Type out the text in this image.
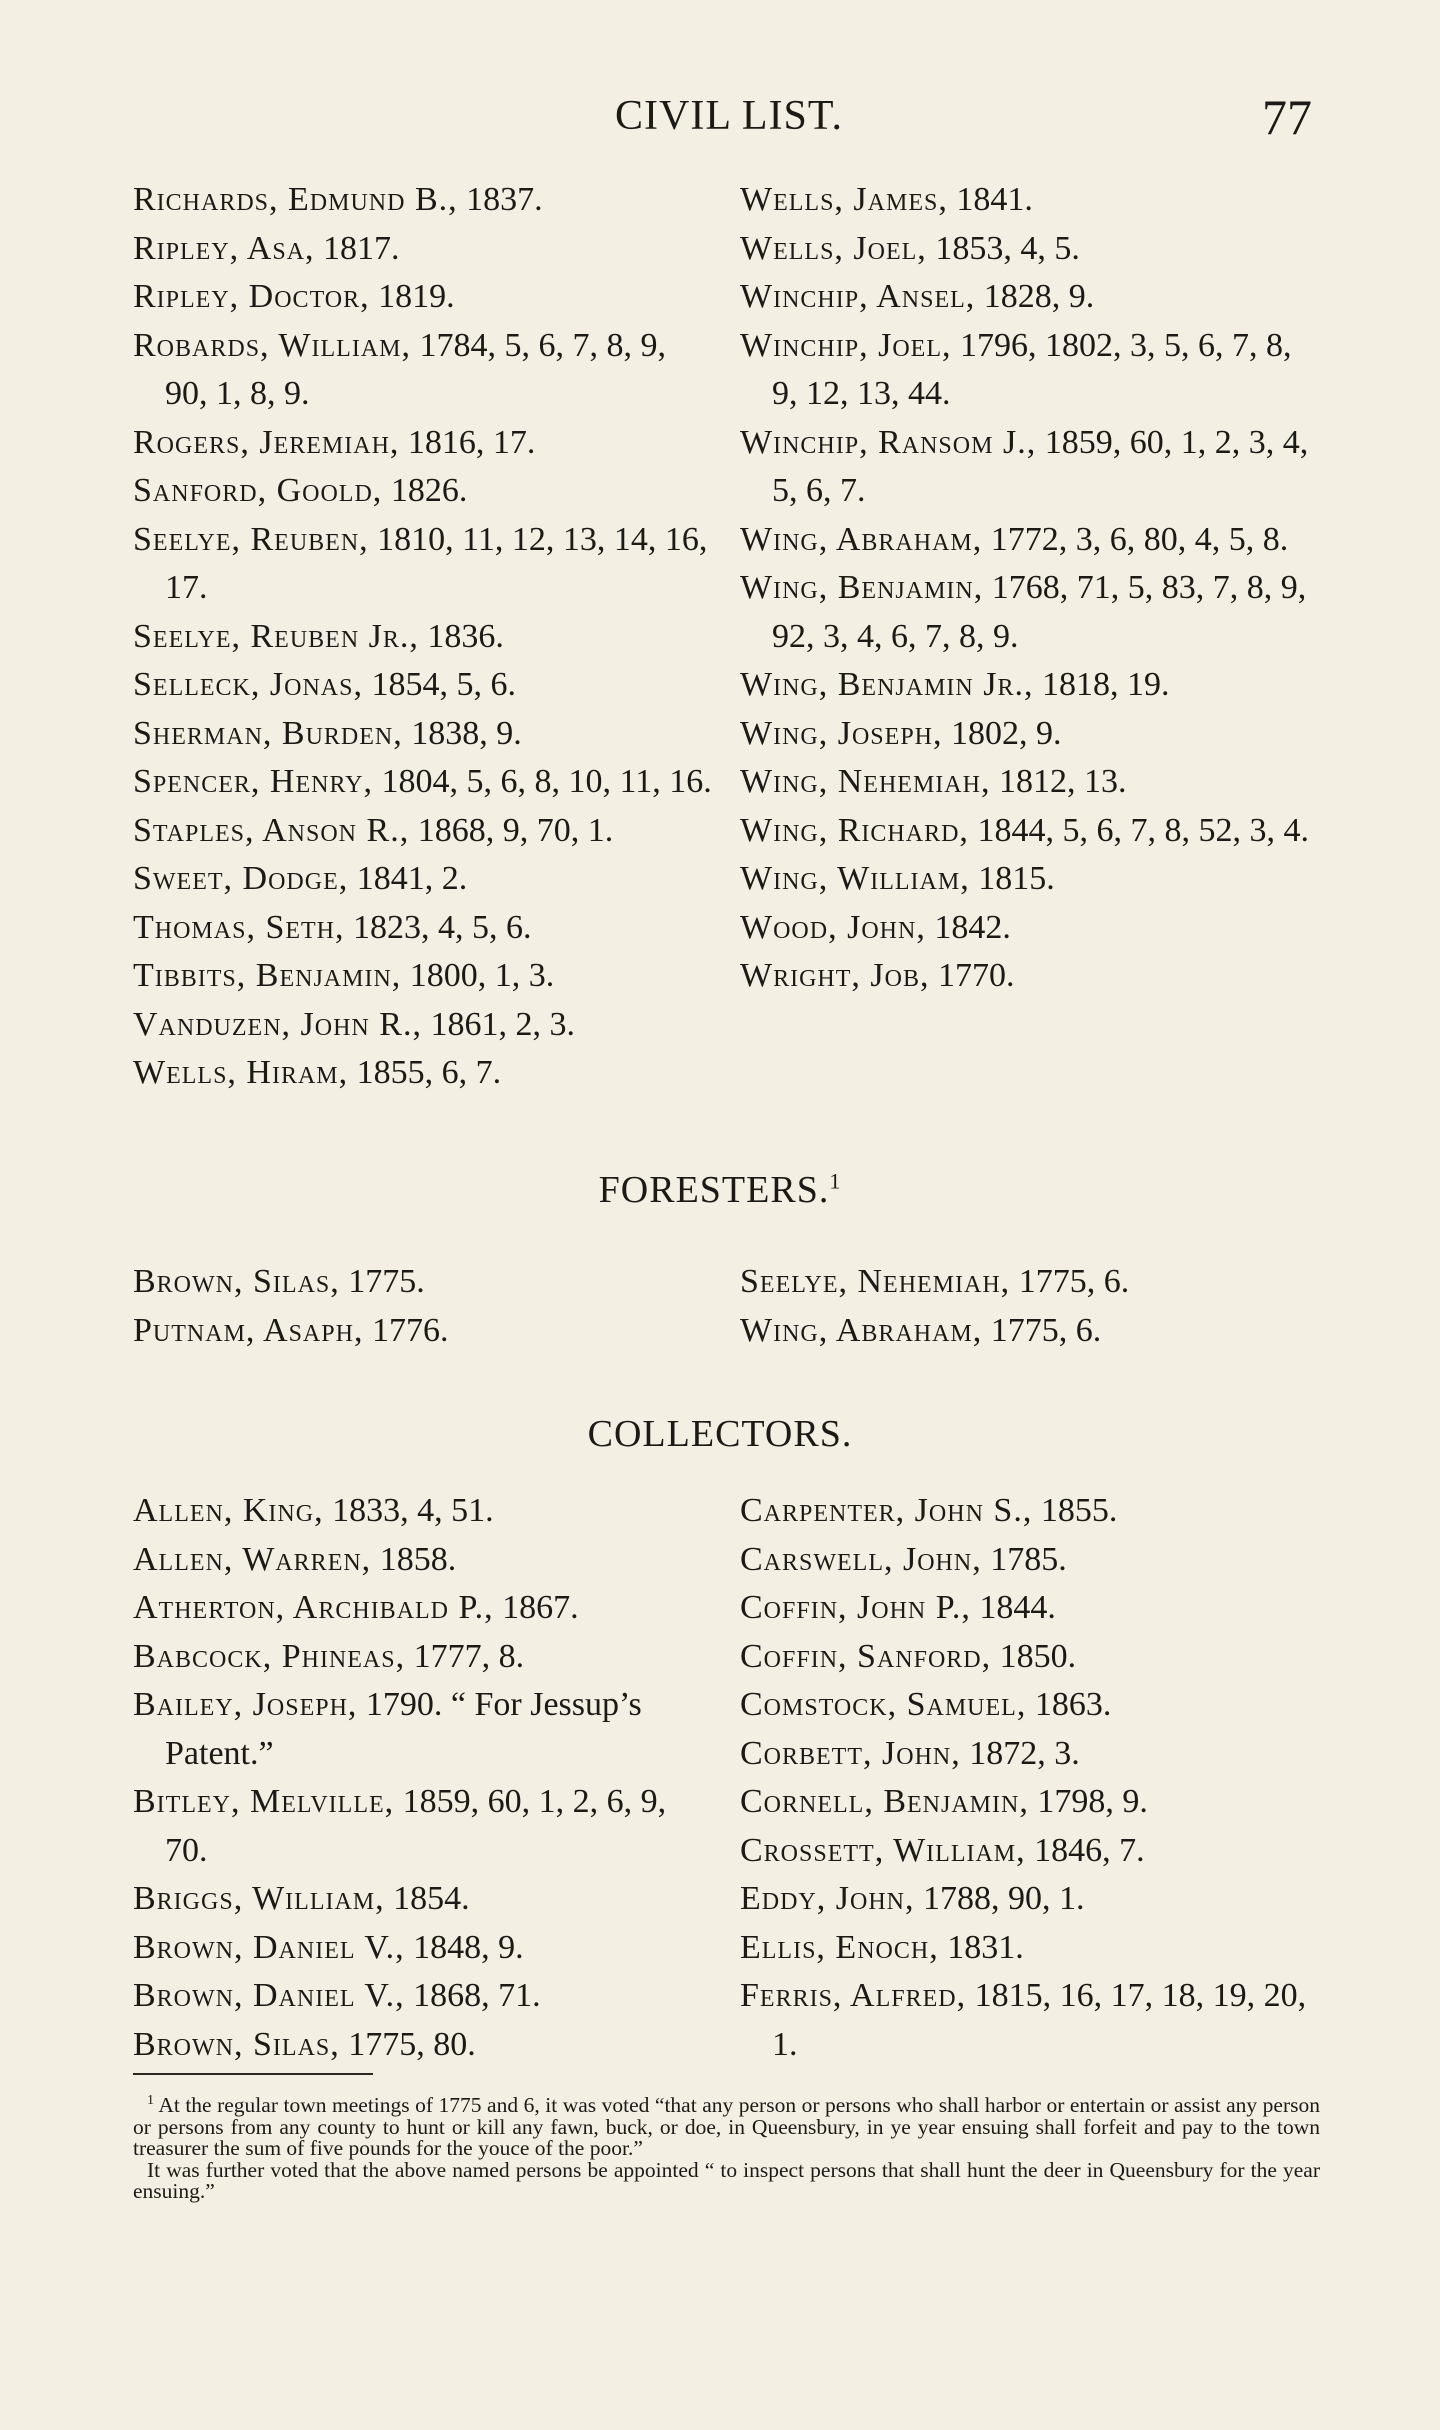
CIVIL LIST.	77

Richards, Edmund B., 1837.

Ripley, Asa, 1817.

Ripley, Doctor, 1819.

Robards, William, 1784, 5, 6, 7, 8, 9, 90, 1, 8, 9.

Rogers, Jeremiah, 1816, 17.

Sanford, Goold, 1826.

Seelye, Reuben, 1810, 11, 12, 13, 14, 16, 17.

Seelye, Reuben Jr., 1836.

Selleck, Jonas, 1854, 5, 6.

Sherman, Burden, 1838, 9.

Spencer, Henry, 1804, 5, 6, 8, 10, 11, 16.

Staples, Anson R., 1868, 9, 70, 1.

Sweet, Dodge, 1841, 2.

Thomas, Seth, 1823, 4, 5, 6.

Tibbits, Benjamin, 1800, 1, 3.

Vanduzen, John R., 1861, 2, 3.

Wells, Hiram, 1855, 6, 7.

Wells, James, 1841.

Wells, Joel, 1853, 4, 5.

Winchip, Ansel, 1828, 9.

Winchip, Joel, 1796, 1802, 3, 5, 6, 7, 8, 9, 12, 13, 44.

Winchip, Ransom J., 1859, 60, 1, 2, 3, 4, 5, 6, 7.

Wing, Abraham, 1772, 3, 6, 80, 4, 5, 8.

Wing, Benjamin, 1768, 71, 5, 83, 7, 8, 9, 92, 3, 4, 6, 7, 8, 9.

Wing, Benjamin Jr., 1818, 19.

Wing, Joseph, 1802, 9.

Wing, Nehemiah, 1812, 13.

Wing, Richard, 1844, 5, 6, 7, 8, 52, 3, 4.

Wing, William, 1815.

Wood, John, 1842.

Wright, Job, 1770.

FORESTERS.$^1$

Brown, Silas, 1775.

Putnam, Asaph, 1776.

Seelye, Nehemiah, 1775, 6.

Wing, Abraham, 1775, 6.

COLLECTORS.

Allen, King, 1833, 4, 51.

Allen, Warren, 1858.

Atherton, Archibald P., 1867.

Babcock, Phineas, 1777, 8.

Bailey, Joseph, 1790. “ For Jessup’s Patent.”

Bitley, Melville, 1859, 60, 1, 2, 6, 9, 70.

Briggs, William, 1854.

Brown, Daniel V., 1848, 9.

Brown, Daniel V., 1868, 71.

Brown, Silas, 1775, 80.

Carpenter, John S., 1855.

Carswell, John, 1785.

Coffin, John P., 1844.

Coffin, Sanford, 1850.

Comstock, Samuel, 1863.

Corbett, John, 1872, 3.

Cornell, Benjamin, 1798, 9.

Crossett, William, 1846, 7.

Eddy, John, 1788, 90, 1.

Ellis, Enoch, 1831.

Ferris, Alfred, 1815, 16, 17, 18, 19, 20, 1.

$^1$ At the regular town meetings of 1775 and 6, it was voted “that any person or persons who shall harbor or entertain or assist any person or persons from any county to hunt or kill any fawn, buck, or doe, in Queensbury, in ye year ensuing shall forfeit and pay to the town treasurer the sum of five pounds for the youce of the poor.”

It was further voted that the above named persons be appointed “ to inspect persons that shall hunt the deer in Queensbury for the year ensuing.”
